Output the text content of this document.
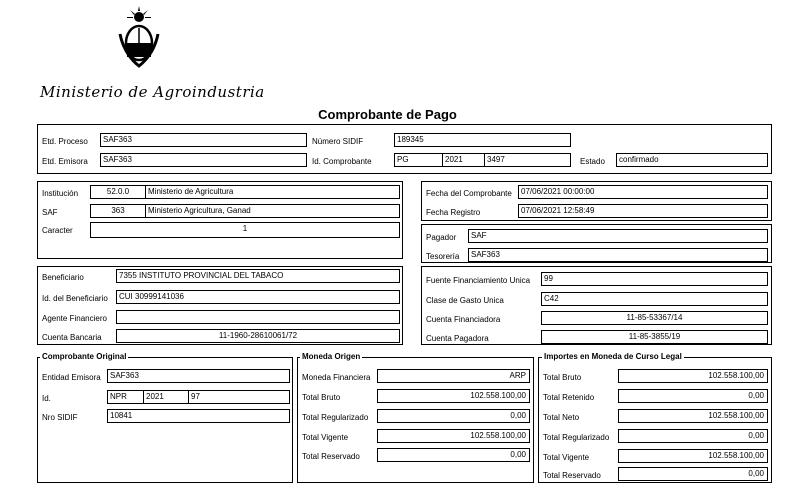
Ministerio de Agroindustria
Comprobante de Pago
Etd. Proceso	SAF363
Etd. Emisora	SAF363
Número SIDIF	189345
Id. Comprobante	PG	2021	3497	Estado	confirmado
Institución	52.0.0	Ministerio de Agricultura
SAF	363	Ministerio Agricultura, Ganad
Caracter	1
Fecha del Comprobante	07/06/2021 00:00:00
Fecha Registro	07/06/2021 12:58:49
Pagador	SAF
Tesorería	SAF363
Beneficiario	7355 INSTITUTO PROVINCIAL DEL TABACO
Id. del Beneficiario	CUI 30999141036
Agente Financiero
Cuenta Bancaria	11-1960-28610061/72
Fuente Financiamiento Unica	99
Clase de Gasto Unica	C42
Cuenta Financiadora	11-85-53367/14
Cuenta Pagadora	11-85-3855/19
Comprobante Original
Entidad Emisora	SAF363
Id.	NPR	2021	97
Nro SIDIF	10841
Moneda Origen
Moneda Financiera	ARP
Total Bruto	102.558.100,00
Total Regularizado	0,00
Total Vigente	102.558.100,00
Total Reservado	0,00
Importes en Moneda de Curso Legal
Total Bruto	102.558.100,00
Total Retenido	0,00
Total Neto	102.558.100,00
Total Regularizado	0,00
Total Vigente	102.558.100,00
Total Reservado	0,00
